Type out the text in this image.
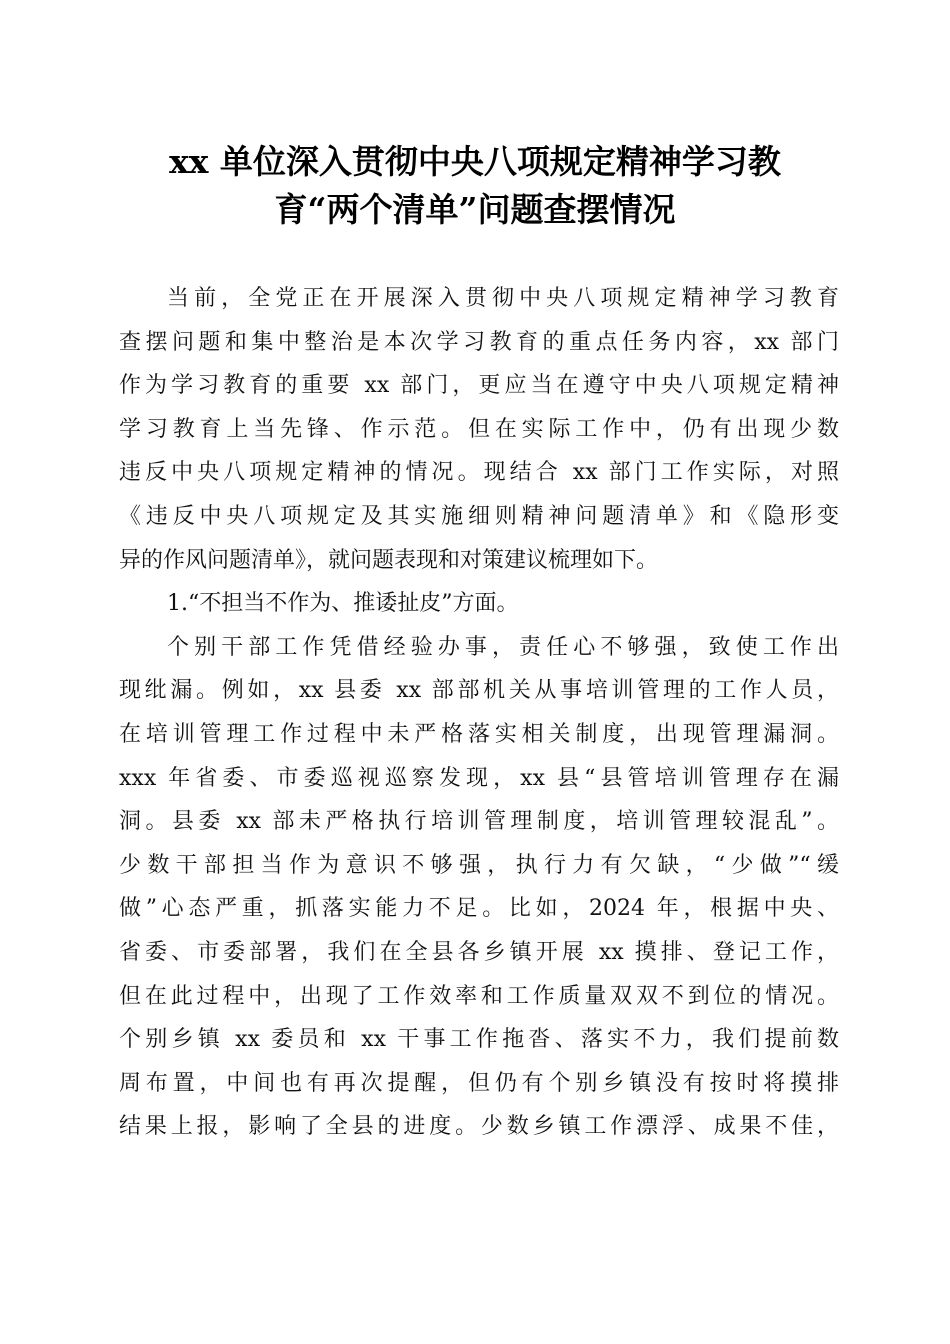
xx 单位深入贯彻中央八项规定精神学习教
育“两个清单”问题查摆情况
当前，全党正在开展深入贯彻中央八项规定精神学习教育
查摆问题和集中整治是本次学习教育的重点任务内容，xx 部门
作为学习教育的重要 xx 部门，更应当在遵守中央八项规定精神
学习教育上当先锋、作示范。但在实际工作中，仍有出现少数
违反中央八项规定精神的情况。现结合 xx 部门工作实际，对照
《违反中央八项规定及其实施细则精神问题清单》和《隐形变
异的作风问题清单》，就问题表现和对策建议梳理如下。
1.“不担当不作为、推诿扯皮”方面。
个别干部工作凭借经验办事，责任心不够强，致使工作出
现纰漏。例如，xx 县委 xx 部部机关从事培训管理的工作人员，
在培训管理工作过程中未严格落实相关制度，出现管理漏洞。
xxx 年省委、市委巡视巡察发现，xx 县“县管培训管理存在漏
洞。县委 xx 部未严格执行培训管理制度，培训管理较混乱”。
少数干部担当作为意识不够强，执行力有欠缺，“少做”“缓
做”心态严重，抓落实能力不足。比如，2024 年，根据中央、
省委、市委部署，我们在全县各乡镇开展 xx 摸排、登记工作，
但在此过程中，出现了工作效率和工作质量双双不到位的情况。
个别乡镇 xx 委员和 xx 干事工作拖沓、落实不力，我们提前数
周布置，中间也有再次提醒，但仍有个别乡镇没有按时将摸排
结果上报，影响了全县的进度。少数乡镇工作漂浮、成果不佳，
